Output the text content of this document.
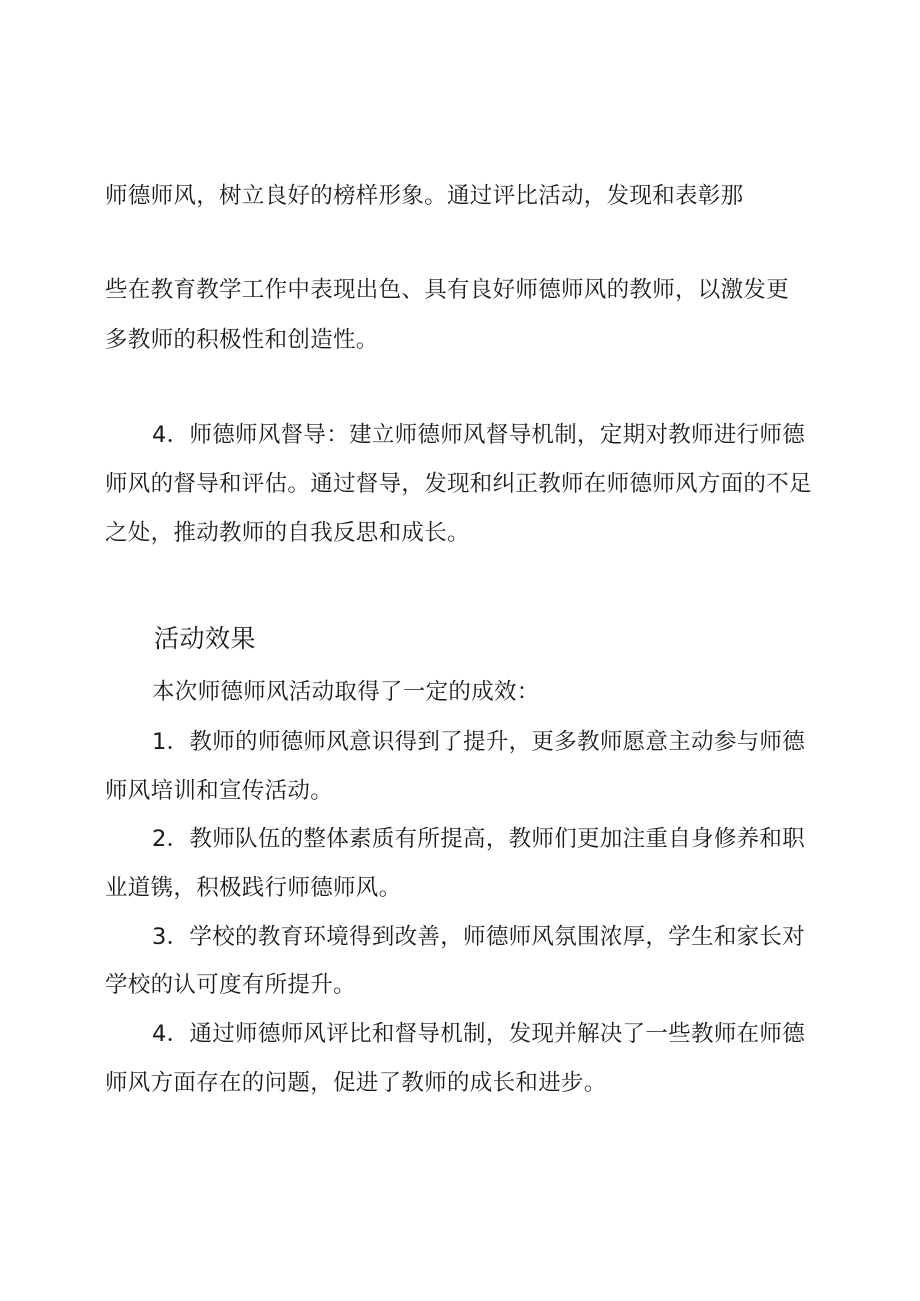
师德师风，树立良好的榜样形象。通过评比活动，发现和表彰那
些在教育教学工作中表现出色、具有良好师德师风的教师，以激发更
多教师的积极性和创造性。
4．师德师风督导：建立师德师风督导机制，定期对教师进行师德
师风的督导和评估。通过督导，发现和纠正教师在师德师风方面的不足
之处，推动教师的自我反思和成长。
活动效果
本次师德师风活动取得了一定的成效：
1．教师的师德师风意识得到了提升，更多教师愿意主动参与师德
师风培训和宣传活动。
2．教师队伍的整体素质有所提高，教师们更加注重自身修养和职
业道镌，积极践行师德师风。
3．学校的教育环境得到改善，师德师风氛围浓厚，学生和家长对
学校的认可度有所提升。
4．通过师德师风评比和督导机制，发现并解决了一些教师在师德
师风方面存在的问题，促进了教师的成长和进步。
